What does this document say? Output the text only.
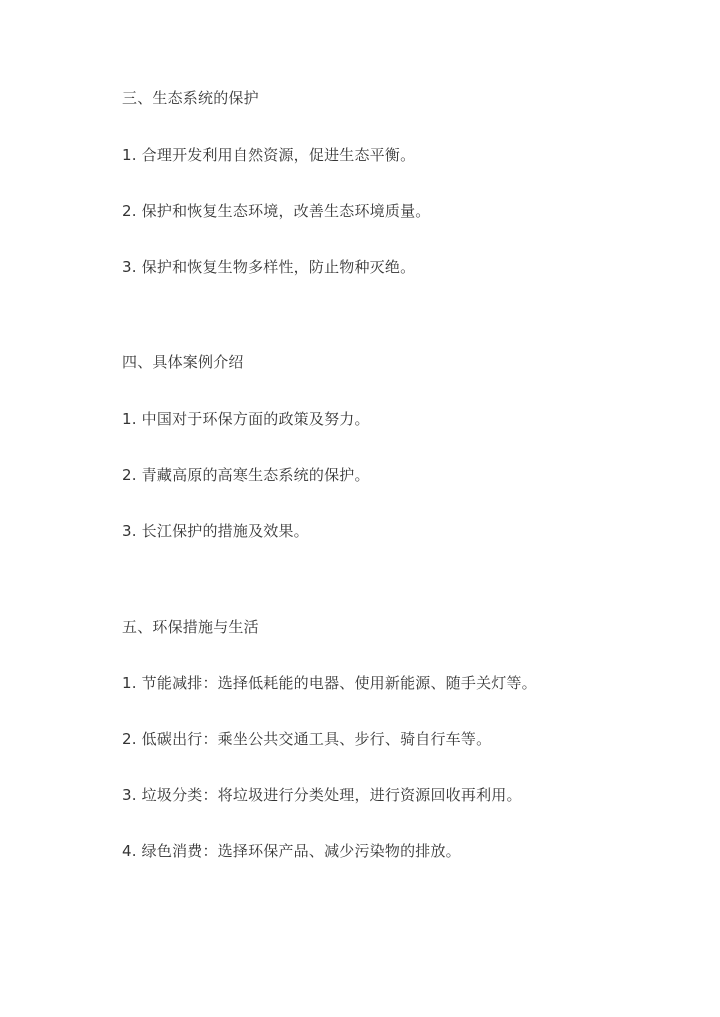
三、生态系统的保护
1. 合理开发利用自然资源，促进生态平衡。
2. 保护和恢复生态环境，改善生态环境质量。
3. 保护和恢复生物多样性，防止物种灭绝。
四、具体案例介绍
1. 中国对于环保方面的政策及努力。
2. 青藏高原的高寒生态系统的保护。
3. 长江保护的措施及效果。
五、环保措施与生活
1. 节能减排：选择低耗能的电器、使用新能源、随手关灯等。
2. 低碳出行：乘坐公共交通工具、步行、骑自行车等。
3. 垃圾分类：将垃圾进行分类处理，进行资源回收再利用。
4. 绿色消费：选择环保产品、减少污染物的排放。
